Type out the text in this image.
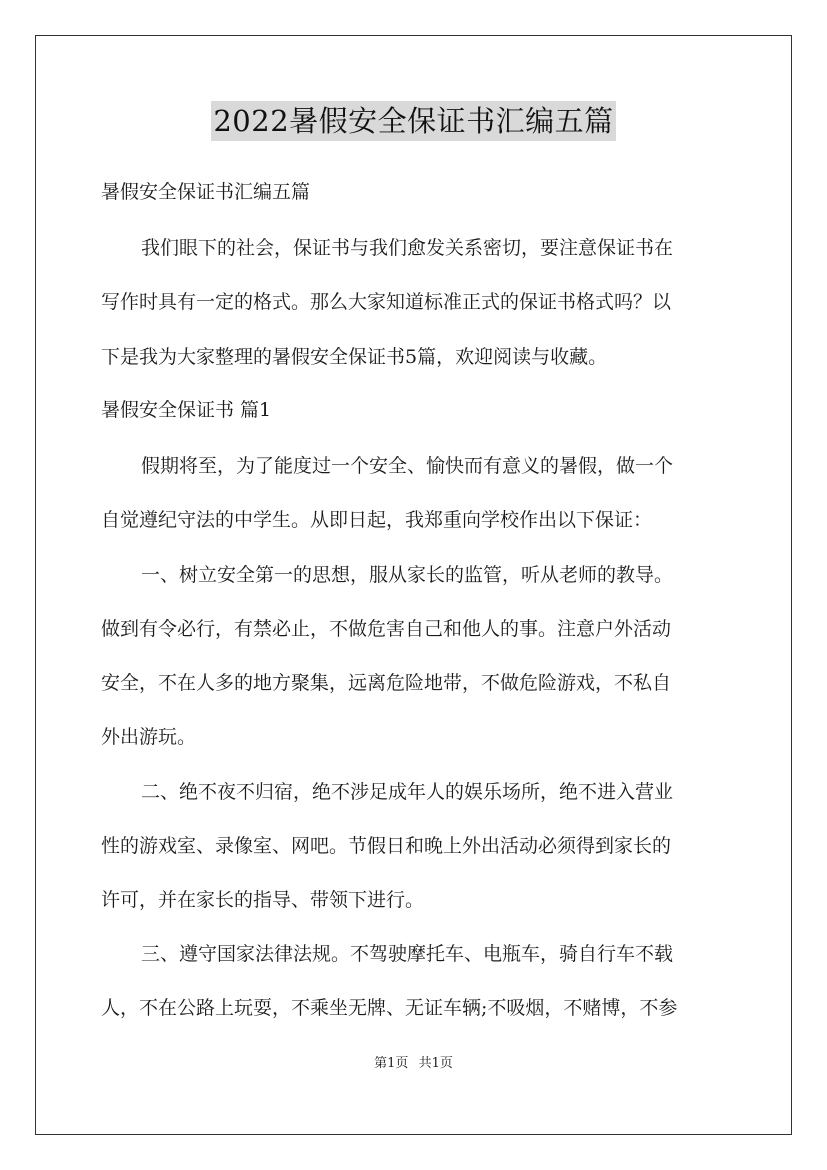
2022暑假安全保证书汇编五篇

暑假安全保证书汇编五篇

我们眼下的社会，保证书与我们愈发关系密切，要注意保证书在

写作时具有一定的格式。那么大家知道标准正式的保证书格式吗？以

下是我为大家整理的暑假安全保证书5篇，欢迎阅读与收藏。

暑假安全保证书 篇1

假期将至，为了能度过一个安全、愉快而有意义的暑假，做一个

自觉遵纪守法的中学生。从即日起，我郑重向学校作出以下保证：

一、树立安全第一的思想，服从家长的监管，听从老师的教导。

做到有令必行，有禁必止，不做危害自己和他人的事。注意户外活动

安全，不在人多的地方聚集，远离危险地带，不做危险游戏，不私自

外出游玩。

二、绝不夜不归宿，绝不涉足成年人的娱乐场所，绝不进入营业

性的游戏室、录像室、网吧。节假日和晚上外出活动必须得到家长的

许可，并在家长的指导、带领下进行。

三、遵守国家法律法规。不驾驶摩托车、电瓶车，骑自行车不载

人，不在公路上玩耍，不乘坐无牌、无证车辆;不吸烟，不赌博，不参

第1页 共1页
